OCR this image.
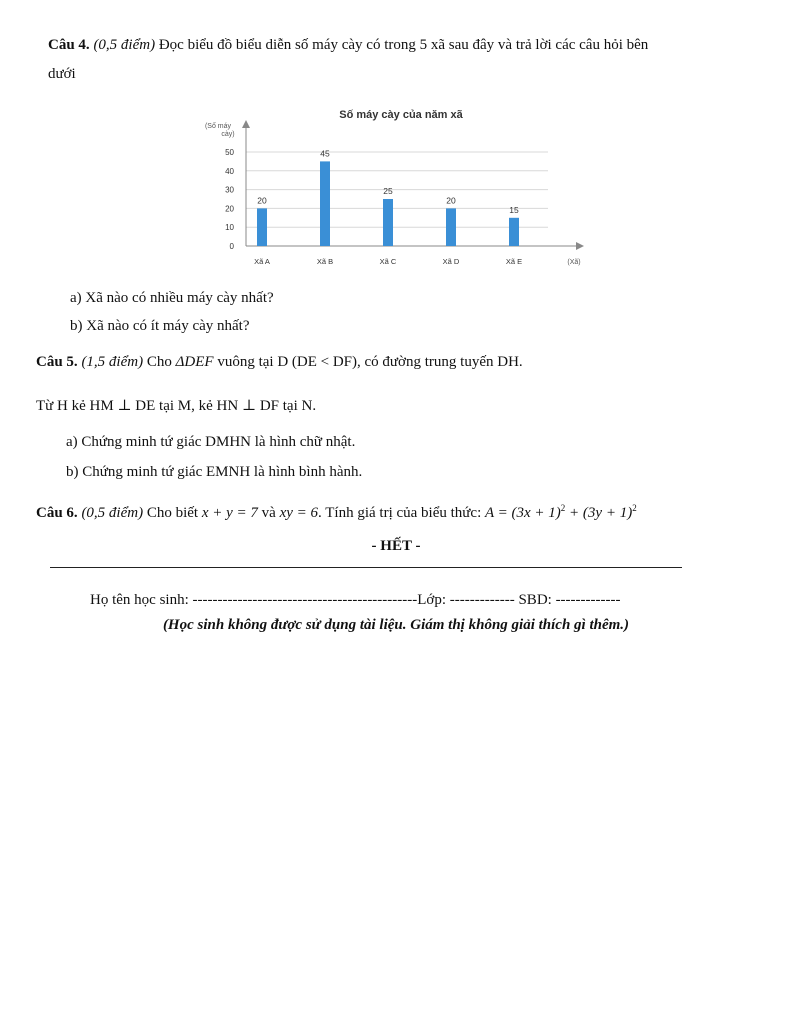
Câu 4. (0,5 điểm) Đọc biểu đồ biểu diễn số máy cày có trong 5 xã sau đây và trả lời các câu hỏi bên
dưới
Số máy cày của năm xã
(Số máy
cày)
(Xã)
0
10
20
30
40
50
20
45
25
20
15
Xã A	Xã B	Xã C	Xã D	Xã E
a) Xã nào có nhiều máy cày nhất?
b) Xã nào có ít máy cày nhất?
Câu 5. (1,5 điểm) Cho ΔDEF vuông tại D (DE < DF), có đường trung tuyến DH.
Từ H kẻ HM ⊥ DE tại M, kẻ HN ⊥ DF tại N.
a) Chứng minh tứ giác DMHN là hình chữ nhật.
b) Chứng minh tứ giác EMNH là hình bình hành.
Câu 6. (0,5 điểm) Cho biết x + y = 7 và xy = 6. Tính giá trị của biểu thức: $A = (3x + 1)^2 + (3y + 1)^2$
- HẾT -
Họ tên học sinh: ---------------------------------------------Lớp: ------------- SBD: -------------
(Học sinh không được sử dụng tài liệu. Giám thị không giải thích gì thêm.)
